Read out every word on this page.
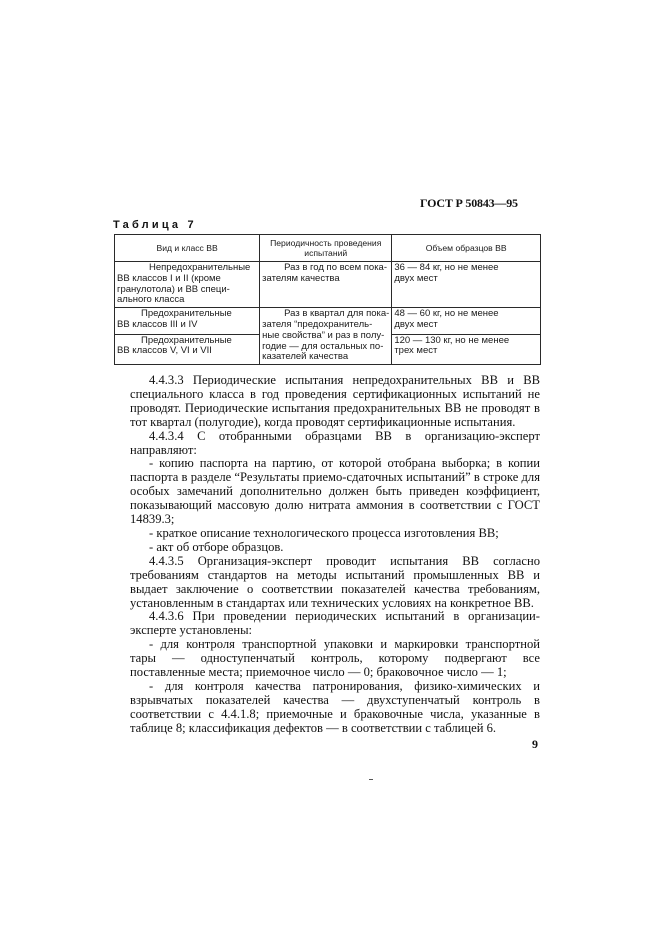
ГОСТ Р 50843—95
Таблица 7
Вид и класс ВВ	Периодичность проведения испытаний	Объем образцов ВВ

Непредохранительные
ВВ классов I и II (кроме
гранулотола) и ВВ специ-
ального класса	Раз в год по всем пока-
зателям качества	36 — 84 кг, но не менее
двух мест

Предохранительные
ВВ классов III и IV	Раз в квартал для пока-
зателя “предохранитель-
ные свойства” и раз в полу-
годие — для остальных по-
казателей качества	48 — 60 кг, но не менее
двух мест

Предохранительные
ВВ классов V, VI и VII		120 — 130 кг, но не менее
трех мест

4.4.3.3 Периодические испытания непредохранительных ВВ и ВВ специального класса в год проведения сертификационных испытаний не проводят. Периодические испытания предохранительных ВВ не проводят в тот квартал (полугодие), когда проводят сертификационные испытания.

4.4.3.4 С отобранными образцами ВВ в организацию-эксперт направляют:

- копию паспорта на партию, от которой отобрана выборка; в копии паспорта в разделе “Результаты приемо-сдаточных испытаний” в строке для особых замечаний дополнительно должен быть приведен коэффициент, показывающий массовую долю нитрата аммония в соответствии с ГОСТ 14839.3;

- краткое описание технологического процесса изготовления ВВ;

- акт об отборе образцов.

4.4.3.5 Организация-эксперт проводит испытания ВВ согласно требованиям стандартов на методы испытаний промышленных ВВ и выдает заключение о соответствии показателей качества требованиям, установленным в стандартах или технических условиях на конкретное ВВ.

4.4.3.6 При проведении периодических испытаний в организации-эксперте установлены:

- для контроля транспортной упаковки и маркировки транспортной тары — одноступенчатый контроль, которому подвергают все поставленные места; приемочное число — 0; браковочное число — 1;

- для контроля качества патронирования, физико-химических и взрывчатых показателей качества — двухступенчатый контроль в соответствии с 4.4.1.8; приемочные и браковочные числа, указанные в таблице 8; классификация дефектов — в соответствии с таблицей 6.

9
